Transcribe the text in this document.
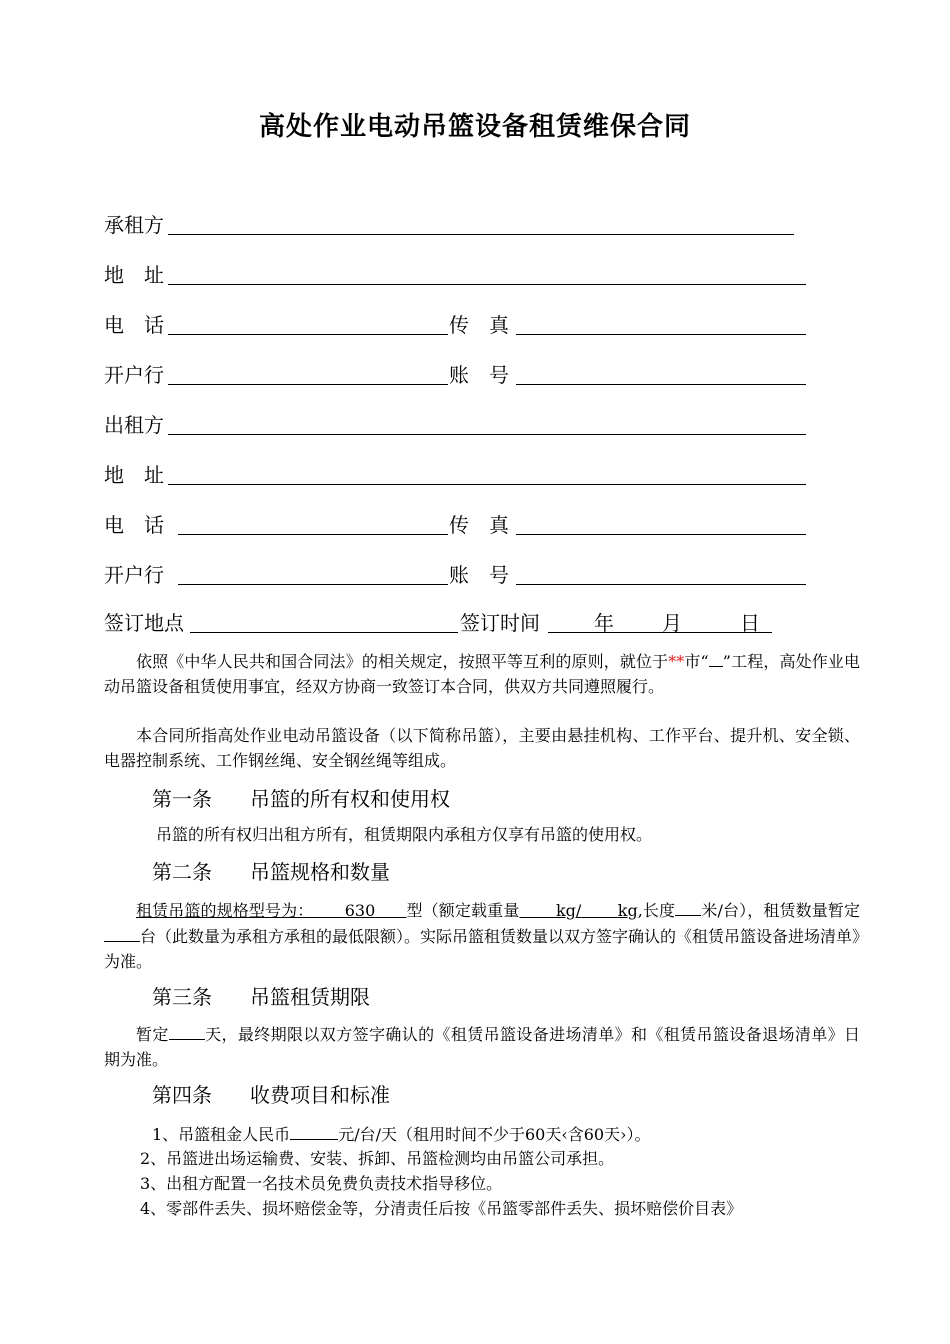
高处作业电动吊篮设备租赁维保合同
承租方
地　址
电　话	传　真
开户行	账　号
出租方
地　址
电　话	传　真
开户行	账　号
签订地点	签订时间	年 月	日
依照《中华人民共和国合同法》的相关规定，按照平等互利的原则，就位于**市“ ”工程，高处作业电动吊篮设备租赁使用事宜，经双方协商一致签订本合同，供双方共同遵照履行。
本合同所指高处作业电动吊篮设备（以下简称吊篮），主要由悬挂机构、工作平台、提升机、安全锁、电器控制系统、工作钢丝绳、安全钢丝绳等组成。
第一条 吊篮的所有权和使用权
吊篮的所有权归出租方所有，租赁期限内承租方仅享有吊篮的使用权。
第二条 吊篮规格和数量
租赁吊篮的规格型号为： 630 型（额定载重量 kg/ kg,长度 米/台），租赁数量暂定台（此数量为承租方承租的最低限额）。实际吊篮租赁数量以双方签字确认的《租赁吊篮设备进场清单》为准。
第三条 吊篮租赁期限
暂定 天，最终期限以双方签字确认的《租赁吊篮设备进场清单》和《租赁吊篮设备退场清单》日期为准。
第四条 收费项目和标准
1、吊篮租金人民币	元/台/天（租用时间不少于60天‹含60天›）。
2、吊篮进出场运输费、安装、拆卸、吊篮检测均由吊篮公司承担。
3、出租方配置一名技术员免费负责技术指导移位。
4、零部件丢失、损坏赔偿金等，分清责任后按《吊篮零部件丢失、损坏赔偿价目表》
